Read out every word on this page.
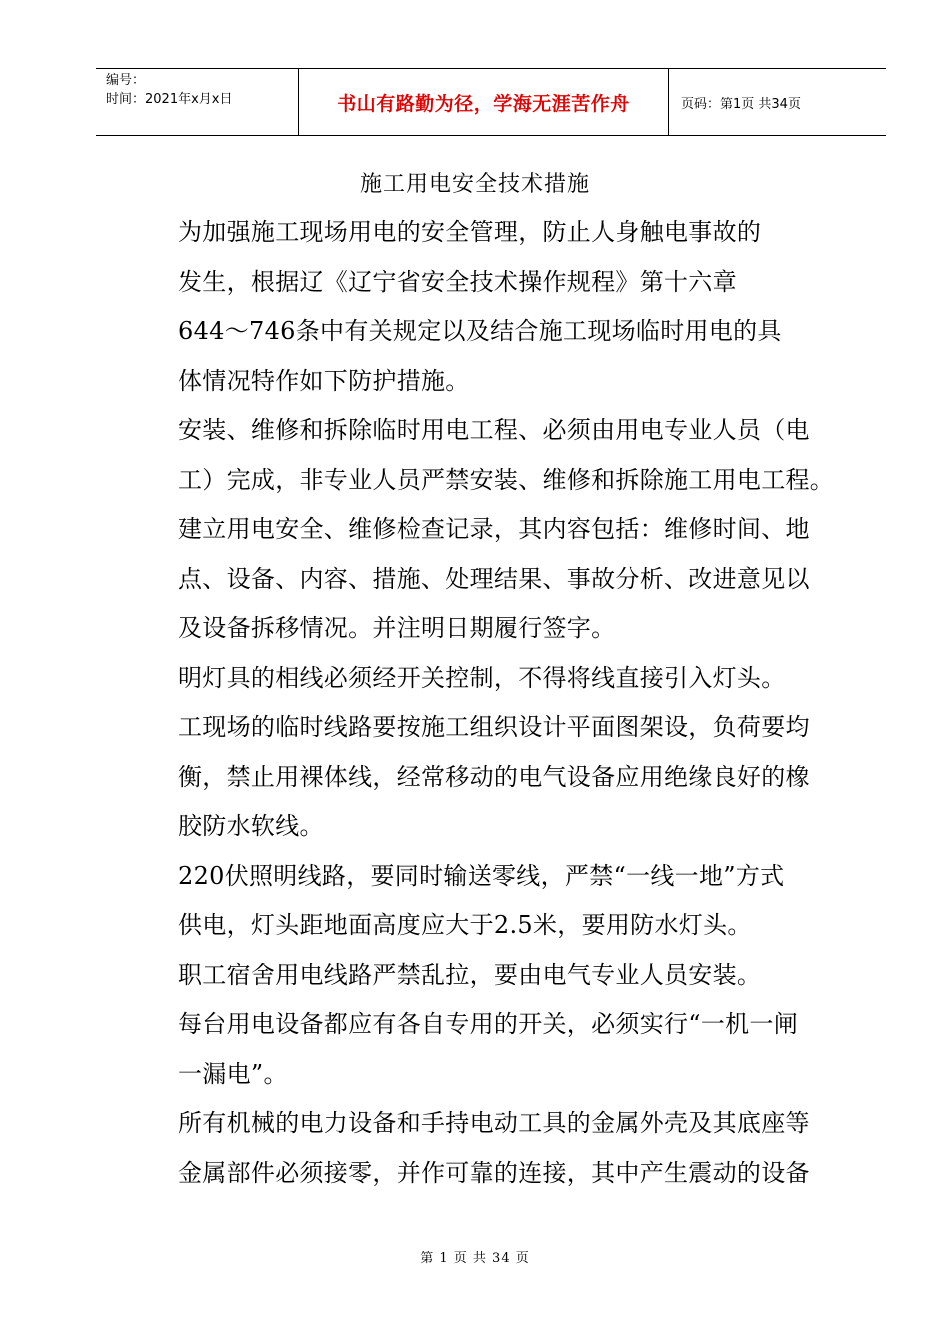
编号：
时间：2021年x月x日	书山有路勤为径，学海无涯苦作舟	页码：第1页 共34页
施工用电安全技术措施
为加强施工现场用电的安全管理，防止人身触电事故的
发生，根据辽《辽宁省安全技术操作规程》第十六章
644～746条中有关规定以及结合施工现场临时用电的具
体情况特作如下防护措施。
安装、维修和拆除临时用电工程、必须由用电专业人员（电
工）完成，非专业人员严禁安装、维修和拆除施工用电工程。
建立用电安全、维修检查记录，其内容包括：维修时间、地
点、设备、内容、措施、处理结果、事故分析、改进意见以
及设备拆移情况。并注明日期履行签字。
明灯具的相线必须经开关控制，不得将线直接引入灯头。
工现场的临时线路要按施工组织设计平面图架设，负荷要均
衡，禁止用裸体线，经常移动的电气设备应用绝缘良好的橡
胶防水软线。
220伏照明线路，要同时输送零线，严禁“一线一地”方式
供电，灯头距地面高度应大于2.5米，要用防水灯头。
职工宿舍用电线路严禁乱拉，要由电气专业人员安装。
每台用电设备都应有各自专用的开关，必须实行“一机一闸
一漏电”。
所有机械的电力设备和手持电动工具的金属外壳及其底座等
金属部件必须接零，并作可靠的连接，其中产生震动的设备
第 1 页 共 34 页
